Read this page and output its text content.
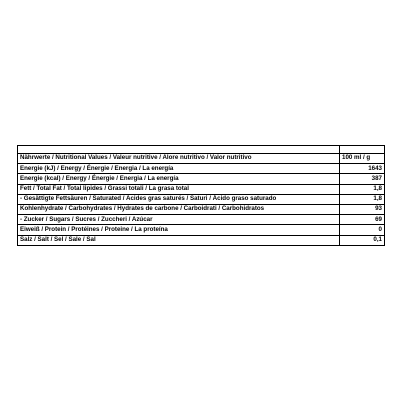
Nährwerte / Nutritional Values / Valeur nutritive / Alore nutritivo / Valor nutritivo	100 ml / g
Energie (kJ) / Energy / Énergie / Energia / La energía	1643
Energie (kcal) / Energy / Énergie / Energia / La energía	387
Fett / Total Fat / Total lipides / Grassi totali / La grasa total	1,8
- Gesättigte Fettsäuren / Saturated / Acides gras saturés / Saturi / Ácido graso saturado	1,8
Kohlenhydrate / Carbohydrates / Hydrates de carbone / Carboidrati / Carbohidratos	93
- Zucker / Sugars / Sucres / Zuccheri / Azúcar	69
Eiweiß / Protein / Protéines / Proteine / La proteína	0
Salz / Salt / Sel / Sale / Sal	0,1
